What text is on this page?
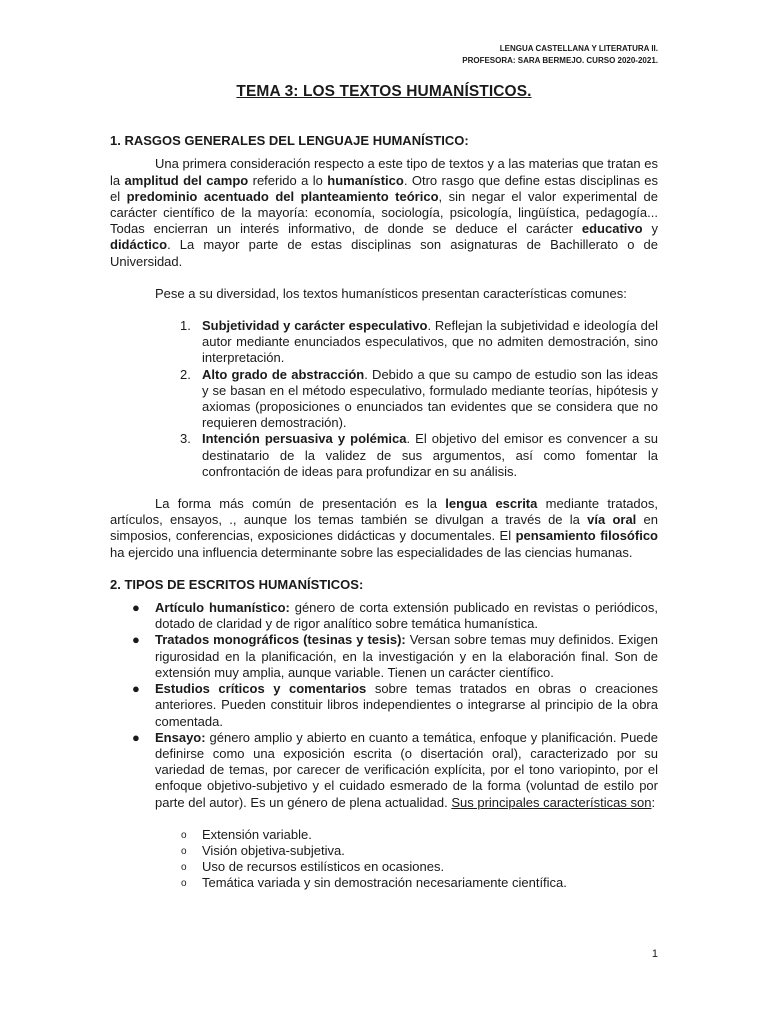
LENGUA CASTELLANA Y LITERATURA II.
PROFESORA: SARA BERMEJO. CURSO 2020-2021.
TEMA 3: LOS TEXTOS HUMANÍSTICOS.
1. RASGOS GENERALES DEL LENGUAJE HUMANÍSTICO:

Una primera consideración respecto a este tipo de textos y a las materias que tratan es la amplitud del campo referido a lo humanístico. Otro rasgo que define estas disciplinas es el predominio acentuado del planteamiento teórico, sin negar el valor experimental de carácter científico de la mayoría: economía, sociología, psicología, lingüística, pedagogía... Todas encierran un interés informativo, de donde se deduce el carácter educativo y didáctico. La mayor parte de estas disciplinas son asignaturas de Bachillerato o de Universidad.

Pese a su diversidad, los textos humanísticos presentan características comunes:

1. Subjetividad y carácter especulativo. Reflejan la subjetividad e ideología del autor mediante enunciados especulativos, que no admiten demostración, sino interpretación.
2. Alto grado de abstracción. Debido a que su campo de estudio son las ideas y se basan en el método especulativo, formulado mediante teorías, hipótesis y axiomas (proposiciones o enunciados tan evidentes que se considera que no requieren demostración).
3. Intención persuasiva y polémica. El objetivo del emisor es convencer a su destinatario de la validez de sus argumentos, así como fomentar la confrontación de ideas para profundizar en su análisis.

La forma más común de presentación es la lengua escrita mediante tratados, artículos, ensayos, ., aunque los temas también se divulgan a través de la vía oral en simposios, conferencias, exposiciones didácticas y documentales. El pensamiento filosófico ha ejercido una influencia determinante sobre las especialidades de las ciencias humanas.

2. TIPOS DE ESCRITOS HUMANÍSTICOS:
● Artículo humanístico: género de corta extensión publicado en revistas o periódicos, dotado de claridad y de rigor analítico sobre temática humanística.
● Tratados monográficos (tesinas y tesis): Versan sobre temas muy definidos. Exigen rigurosidad en la planificación, en la investigación y en la elaboración final. Son de extensión muy amplia, aunque variable. Tienen un carácter científico.
● Estudios críticos y comentarios sobre temas tratados en obras o creaciones anteriores. Pueden constituir libros independientes o integrarse al principio de la obra comentada.
● Ensayo: género amplio y abierto en cuanto a temática, enfoque y planificación. Puede definirse como una exposición escrita (o disertación oral), caracterizado por su variedad de temas, por carecer de verificación explícita, por el tono variopinto, por el enfoque objetivo-subjetivo y el cuidado esmerado de la forma (voluntad de estilo por parte del autor). Es un género de plena actualidad. Sus principales características son:
o Extensión variable.
o Visión objetiva-subjetiva.
o Uso de recursos estilísticos en ocasiones.
o Temática variada y sin demostración necesariamente científica.
1
